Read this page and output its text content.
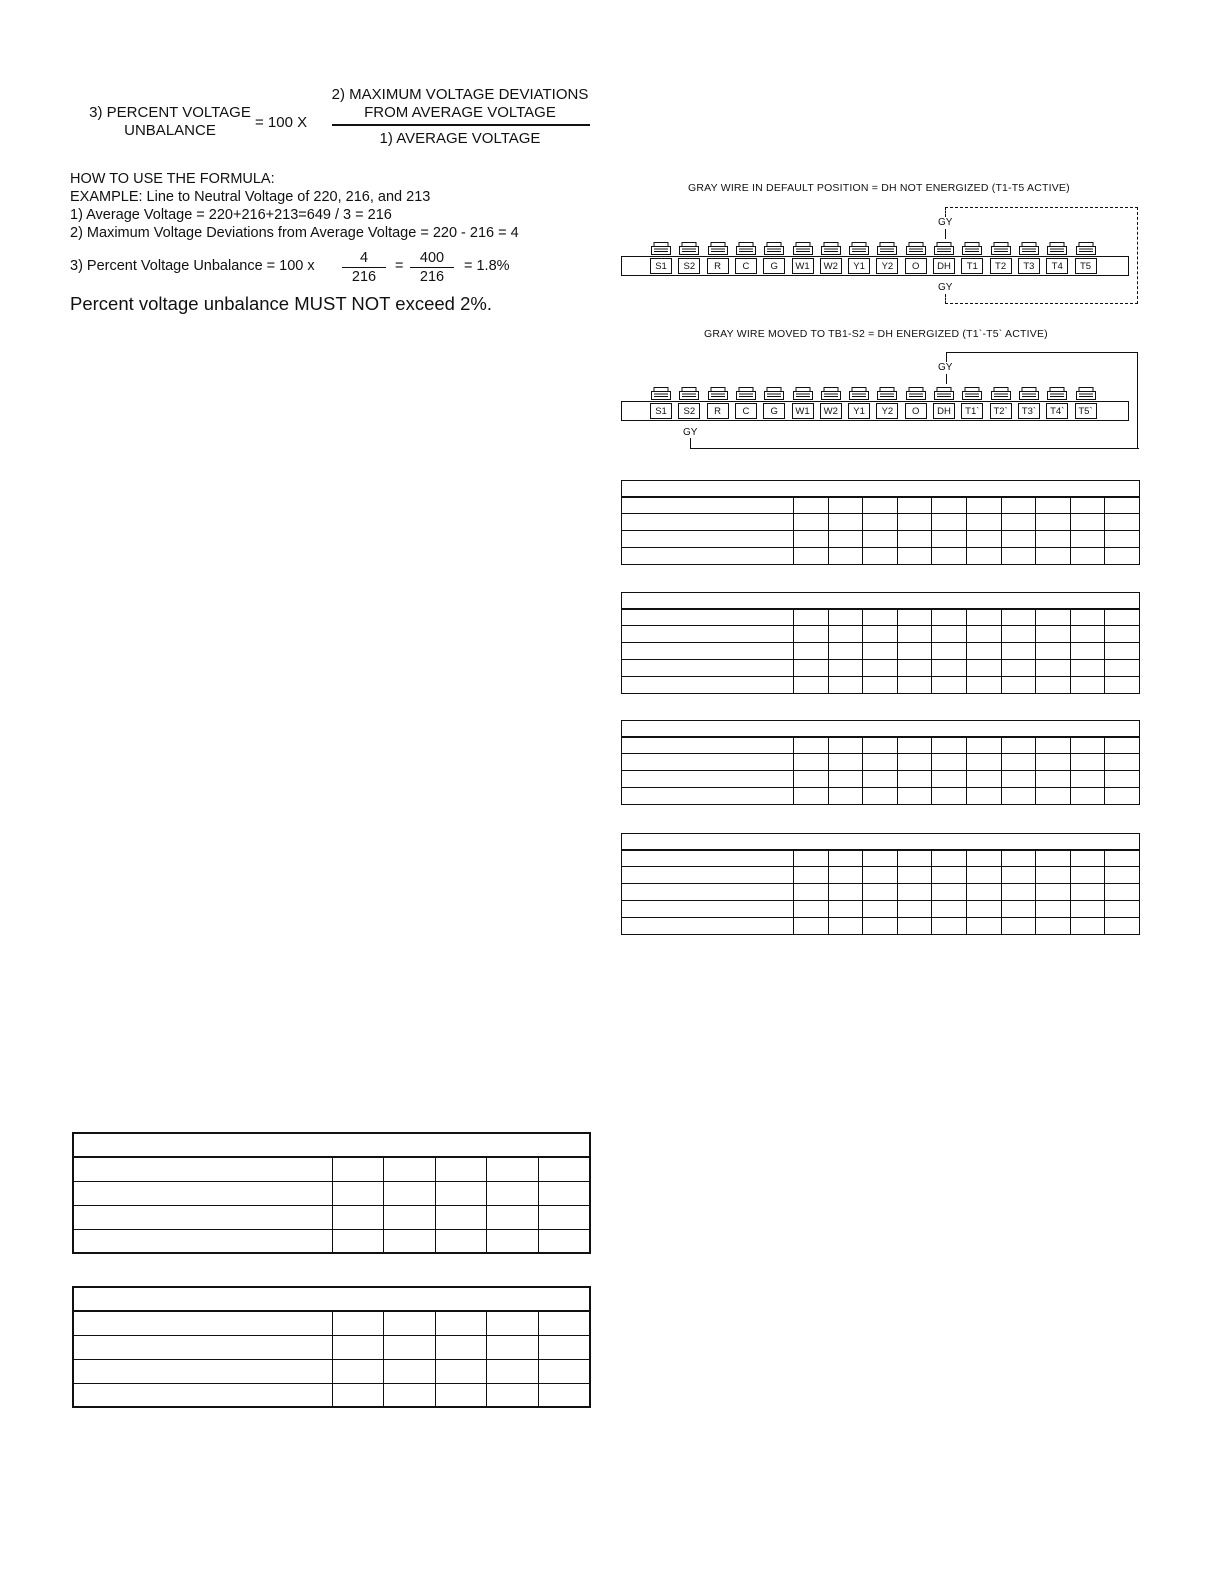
3) PERCENT VOLTAGE
UNBALANCE	= 100 X
2) MAXIMUM VOLTAGE DEVIATIONS
FROM AVERAGE VOLTAGE
1) AVERAGE VOLTAGE
HOW TO USE THE FORMULA:
EXAMPLE: Line to Neutral Voltage of 220, 216, and 213
1) Average Voltage = 220+216+213=649 / 3 = 216
2) Maximum Voltage Deviations from Average Voltage = 220 - 216 = 4
3) Percent Voltage Unbalance = 100 x $\frac{4}{216} = \frac{400}{216} = 1.8\%$
Percent voltage unbalance MUST NOT exceed 2%.
GRAY WIRE IN DEFAULT POSITION = DH NOT ENERGIZED (T1-T5 ACTIVE)
GY
GY
S1	S2	R	C	G	W1	W2	Y1	Y2	O	DH	T1	T2	T3	T4	T5
GRAY WIRE MOVED TO TB1-S2 = DH ENERGIZED (T1`-T5` ACTIVE)
GY
GY
S1	S2	R	C	G	W1	W2	Y1	Y2	O	DH	T1`	T2`	T3`	T4`	T5`
